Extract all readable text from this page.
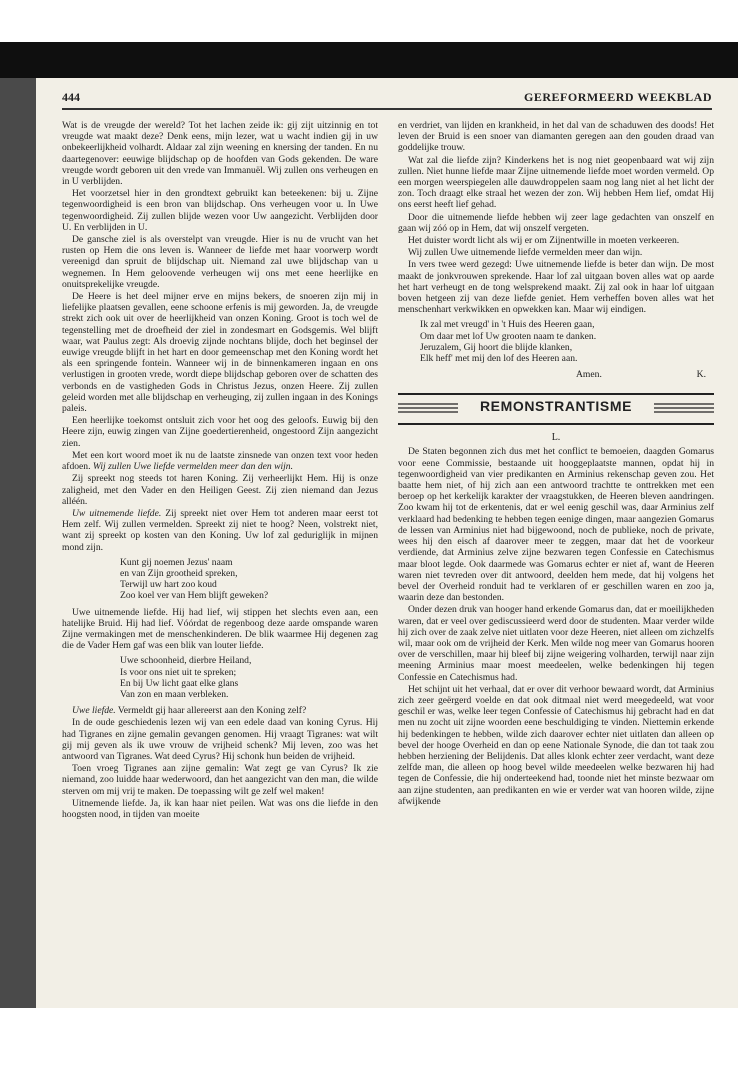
444	GEREFORMEERD WEEKBLAD

Wat is de vreugde der wereld? Tot het lachen zeide ik: gij zijt uitzinnig en tot vreugde wat maakt deze? Denk eens, mijn lezer, wat u wacht indien gij in uw onbekeerlijkheid volhardt. Aldaar zal zijn weening en knersing der tanden. En nu daartegenover: eeuwige blijdschap op de hoofden van Gods gekenden. De ware vreugde wordt geboren uit den vrede van Immanuël. Wij zullen ons verheugen en in U verblijden.

Het voorzetsel hier in den grondtext gebruikt kan beteekenen: bij u. Zijne tegenwoordigheid is een bron van blijdschap. Ons verheugen voor u. In Uwe tegenwoordigheid. Zij zullen blijde wezen voor Uw aangezicht. Verblijden door U. En verblijden in U.

De gansche ziel is als overstelpt van vreugde. Hier is nu de vrucht van het rusten op Hem die ons leven is. Wanneer de liefde met haar voorwerp wordt vereenigd dan spruit de blijdschap uit. Niemand zal uwe blijdschap van u wegnemen. In Hem geloovende verheugen wij ons met eene heerlijke en onuitsprekelijke vreugde.

De Heere is het deel mijner erve en mijns bekers, de snoeren zijn mij in liefelijke plaatsen gevallen, eene schoone erfenis is mij geworden. Ja, de vreugde strekt zich ook uit over de heerlijkheid van onzen Koning. Groot is toch wel de tegenstelling met de droefheid der ziel in zondesmart en Godsgemis. Wel blijft waar, wat Paulus zegt: Als droevig zijnde nochtans blijde, doch het beginsel der euwige vreugde blijft in het hart en door gemeenschap met den Koning wordt het als een springende fontein. Wanneer wij in de binnenkameren ingaan en ons verlustigen in grooten vrede, wordt diepe blijdschap geboren over de schatten des verbonds en de vastigheden Gods in Christus Jezus, onzen Heere. Zij zullen geleid worden met alle blijdschap en verheuging, zij zullen ingaan in des Konings paleis.

Een heerlijke toekomst ontsluit zich voor het oog des geloofs. Euwig bij den Heere zijn, euwig zingen van Zijne goedertierenheid, ongestoord Zijn aangezicht zien.

Met een kort woord moet ik nu de laatste zinsnede van onzen text voor heden afdoen. Wij zullen Uwe liefde vermelden meer dan den wijn.

Zij spreekt nog steeds tot haren Koning. Zij verheerlijkt Hem. Hij is onze zaligheid, met den Vader en den Heiligen Geest. Zij zien niemand dan Jezus alléén.

Uw uitnemende liefde. Zij spreekt niet over Hem tot anderen maar eerst tot Hem zelf. Wij zullen vermelden. Spreekt zij niet te hoog? Neen, volstrekt niet, want zij spreekt op kosten van den Koning. Uw lof zal geduriglijk in mijnen mond zijn.

Kunt gij noemen Jezus' naam
en van Zijn grootheid spreken,
Terwijl uw hart zoo koud
Zoo koel ver van Hem blijft geweken?

Uwe uitnemende liefde. Hij had lief, wij stippen het slechts even aan, een hatelijke Bruid. Hij had lief. Vóórdat de regenboog deze aarde omspande waren Zijne vermakingen met de menschenkinderen. De blik waarmee Hij degenen zag die de Vader Hem gaf was een blik van louter liefde.

Uwe schoonheid, dierbre Heiland,
Is voor ons niet uit te spreken;
En bij Uw licht gaat elke glans
Van zon en maan verbleken.

Uwe liefde. Vermeldt gij haar allereerst aan den Koning zelf?

In de oude geschiedenis lezen wij van een edele daad van koning Cyrus. Hij had Tigranes en zijne gemalin gevangen genomen. Hij vraagt Tigranes: wat wilt gij mij geven als ik uwe vrouw de vrijheid schenk? Mij leven, zoo was het antwoord van Tigranes. Wat deed Cyrus? Hij schonk hun beiden de vrijheid.

Toen vroeg Tigranes aan zijne gemalin: Wat zegt ge van Cyrus? Ik zie niemand, zoo luidde haar wederwoord, dan het aangezicht van den man, die wilde sterven om mij vrij te maken. De toepassing wilt ge zelf wel maken!

Uitnemende liefde. Ja, ik kan haar niet peilen. Wat was ons die liefde in den hoogsten nood, in tijden van moeite

en verdriet, van lijden en krankheid, in het dal van de schaduwen des doods! Het leven der Bruid is een snoer van diamanten geregen aan den gouden draad van goddelijke trouw.

Wat zal die liefde zijn? Kinderkens het is nog niet geopenbaard wat wij zijn zullen. Niet hunne liefde maar Zijne uitnemende liefde moet worden vermeld. Op een morgen weerspiegelen alle dauwdroppelen saam nog lang niet al het licht der zon. Toch draagt elke straal het wezen der zon. Wij hebben Hem lief, omdat Hij ons eerst heeft lief gehad.

Door die uitnemende liefde hebben wij zeer lage gedachten van onszelf en gaan wij zóó op in Hem, dat wij onszelf vergeten.

Het duister wordt licht als wij er om Zijnentwille in moeten verkeeren.

Wij zullen Uwe uitnemende liefde vermelden meer dan wijn.

In vers twee werd gezegd: Uwe uitnemende liefde is beter dan wijn. De most maakt de jonkvrouwen sprekende. Haar lof zal uitgaan boven alles wat op aarde het hart verheugt en de tong welsprekend maakt. Zij zal ook in haar lof uitgaan boven hetgeen zij van deze liefde geniet. Hem verheffen boven alles wat het menschenhart verkwikken en opwekken kan. Maar wij eindigen.

Ik zal met vreugd' in 't Huis des Heeren gaan,
Om daar met lof Uw grooten naam te danken.
Jeruzalem, Gij hoort die blijde klanken,
Elk heff' met mij den lof des Heeren aan.
Amen.	K.
REMONSTRANTISME
L.

De Staten begonnen zich dus met het conflict te bemoeien, daagden Gomarus voor eene Commissie, bestaande uit hooggeplaatste mannen, opdat hij in tegenwoordigheid van vier predikanten en Arminius rekenschap geven zou. Het baatte hem niet, of hij zich aan een antwoord trachtte te onttrekken met een beroep op het kerkelijk karakter der vraagstukken, de Heeren bleven aandringen. Zoo kwam hij tot de erkentenis, dat er wel eenig geschil was, daar Arminius zelf verklaard had bedenking te hebben tegen eenige dingen, maar aangezien Gomarus de lessen van Arminius niet had bijgewoond, noch de publieke, noch de private, wees hij den eisch af daarover meer te zeggen, maar dat het de voorkeur verdiende, dat Arminius zelve zijne bezwaren tegen Confessie en Catechismus maar bloot legde. Ook daarmede was Gomarus echter er niet af, want de Heeren waren niet tevreden over dit antwoord, deelden hem mede, dat hij volgens het bevel der Overheid ronduit had te verklaren of er geschillen waren en zoo ja, waarin deze dan bestonden.

Onder dezen druk van hooger hand erkende Gomarus dan, dat er moeilijkheden waren, dat er veel over gediscussieerd werd door de studenten. Maar verder wilde hij zich over de zaak zelve niet uitlaten voor deze Heeren, niet alleen om zichzelfs wil, maar ook om de vrijheid der Kerk. Men wilde nog meer van Gomarus hooren over de verschillen, maar hij bleef bij zijne weigering volharden, terwijl naar zijn meening Arminius maar moest meedeelen, welke bedenkingen hij tegen Confessie en Catechismus had.

Het schijnt uit het verhaal, dat er over dit verhoor bewaard wordt, dat Arminius zich zeer geërgerd voelde en dat ook ditmaal niet werd meegedeeld, wat voor geschil er was, welke leer tegen Confessie of Catechismus hij gebracht had en dat men nu zocht uit zijne woorden eene beschuldiging te vinden. Niettemin erkende hij bedenkingen te hebben, wilde zich daarover echter niet uitlaten dan alleen op bevel der hooge Overheid en dan op eene Nationale Synode, die dan tot taak zou hebben herziening der Belijdenis. Dat alles klonk echter zeer verdacht, want deze zelfde man, die alleen op hoog bevel wilde meedeelen welke bezwaren hij had tegen de Confessie, die hij onderteekend had, toonde niet het minste bezwaar om aan zijne studenten, aan predikanten en wie er verder wat van hooren wilde, zijne afwijkende
